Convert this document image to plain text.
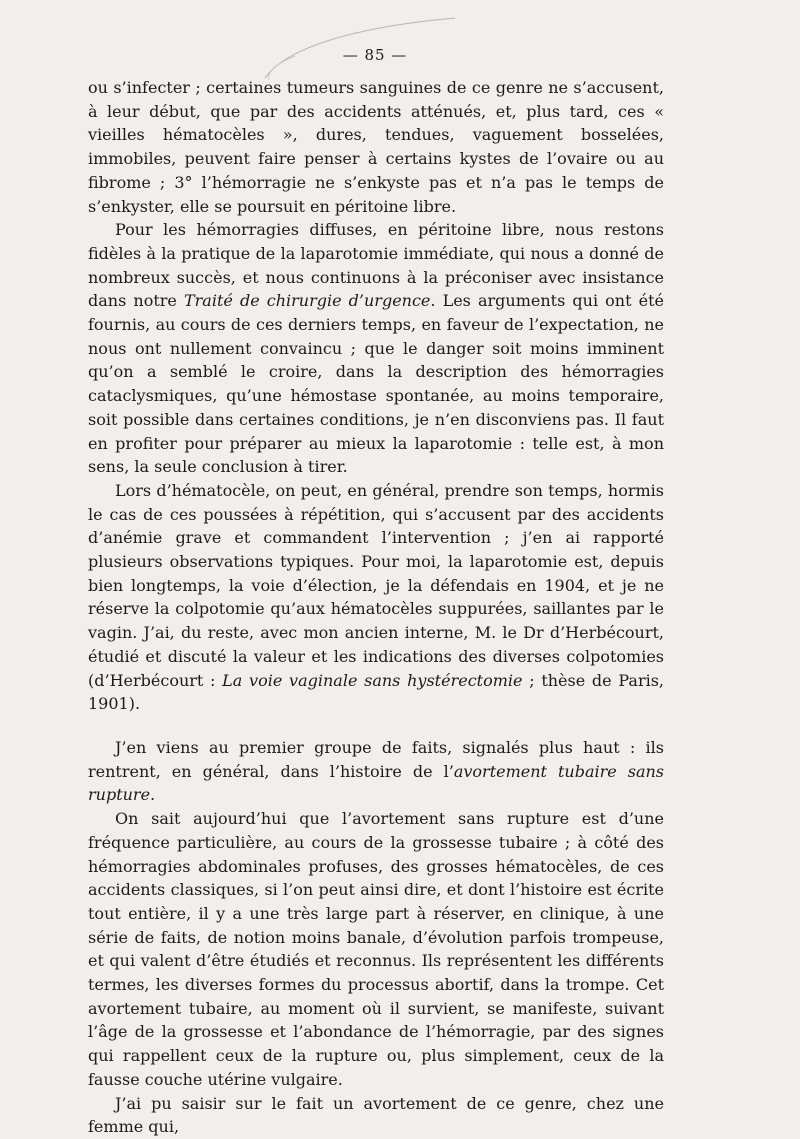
— 85 —

ou s’infecter ; certaines tumeurs sanguines de ce genre ne s’accusent, à leur début, que par des accidents atténués, et, plus tard, ces « vieilles hématocèles », dures, tendues, vaguement bosselées, immobiles, peuvent faire penser à certains kystes de l’ovaire ou au fibrome ; 3° l’hémorragie ne s’enkyste pas et n’a pas le temps de s’enkyster, elle se poursuit en péritoine libre.

Pour les hémorragies diffuses, en péritoine libre, nous restons fidèles à la pratique de la laparotomie immédiate, qui nous a donné de nombreux succès, et nous continuons à la préconiser avec insistance dans notre Traité de chirurgie d’urgence. Les arguments qui ont été fournis, au cours de ces derniers temps, en faveur de l’expectation, ne nous ont nullement convaincu ; que le danger soit moins imminent qu’on a semblé le croire, dans la description des hémorragies cataclysmiques, qu’une hémostase spontanée, au moins temporaire, soit possible dans certaines conditions, je n’en disconviens pas. Il faut en profiter pour préparer au mieux la laparotomie : telle est, à mon sens, la seule conclusion à tirer.

Lors d’hématocèle, on peut, en général, prendre son temps, hormis le cas de ces poussées à répétition, qui s’accusent par des accidents d’anémie grave et commandent l’intervention ; j’en ai rapporté plusieurs observations typiques. Pour moi, la laparotomie est, depuis bien longtemps, la voie d’élection, je la défendais en 1904, et je ne réserve la colpotomie qu’aux hématocèles suppurées, saillantes par le vagin. J’ai, du reste, avec mon ancien interne, M. le Dr d’Herbécourt, étudié et discuté la valeur et les indications des diverses colpotomies (d’Herbécourt : La voie vaginale sans hystérectomie ; thèse de Paris, 1901).

J’en viens au premier groupe de faits, signalés plus haut : ils rentrent, en général, dans l’histoire de l’avortement tubaire sans rupture.

On sait aujourd’hui que l’avortement sans rupture est d’une fréquence particulière, au cours de la grossesse tubaire ; à côté des hémorragies abdominales profuses, des grosses hématocèles, de ces accidents classiques, si l’on peut ainsi dire, et dont l’histoire est écrite tout entière, il y a une très large part à réserver, en clinique, à une série de faits, de notion moins banale, d’évolution parfois trompeuse, et qui valent d’être étudiés et reconnus. Ils représentent les différents termes, les diverses formes du processus abortif, dans la trompe. Cet avortement tubaire, au moment où il survient, se manifeste, suivant l’âge de la grossesse et l’abondance de l’hémorragie, par des signes qui rappellent ceux de la rupture ou, plus simplement, ceux de la fausse couche utérine vulgaire.

J’ai pu saisir sur le fait un avortement de ce genre, chez une femme qui,
